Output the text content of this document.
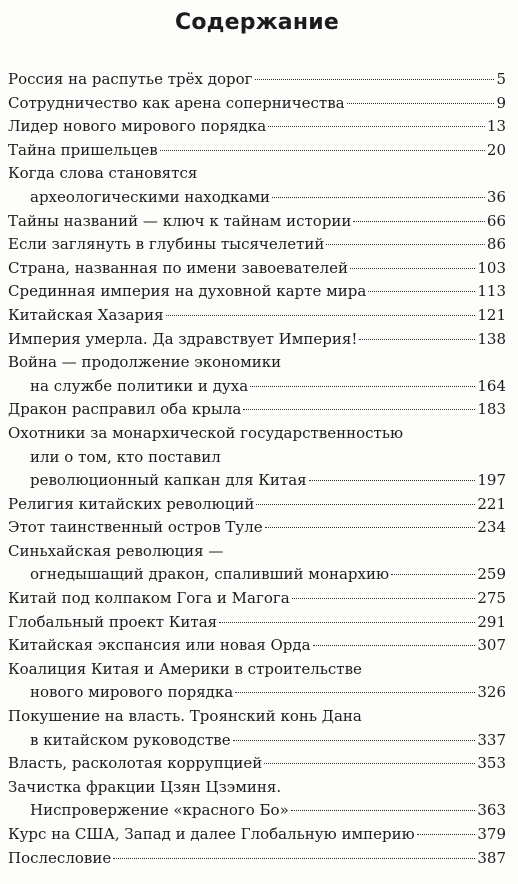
Содержание
Россия на распутье трёх дорог	5
Сотрудничество как арена соперничества	9
Лидер нового мирового порядка	13
Тайна пришельцев	20
Когда слова становятся
археологическими находками	36
Тайны названий — ключ к тайнам истории	66
Если заглянуть в глубины тысячелетий	86
Страна, названная по имени завоевателей	103
Срединная империя на духовной карте мира	113
Китайская Хазария	121
Империя умерла. Да здравствует Империя!	138
Война — продолжение экономики
на службе политики и духа	164
Дракон расправил оба крыла	183
Охотники за монархической государственностью
или о том, кто поставил
революционный капкан для Китая	197
Религия китайских революций	221
Этот таинственный остров Туле	234
Синьхайская революция —
огнедышащий дракон, спаливший монархию	259
Китай под колпаком Гога и Магога	275
Глобальный проект Китая	291
Китайская экспансия или новая Орда	307
Коалиция Китая и Америки в строительстве
нового мирового порядка	326
Покушение на власть. Троянский конь Дана
в китайском руководстве	337
Власть, расколотая коррупцией	353
Зачистка фракции Цзян Цзэминя.
Ниспровержение «красного Бо»	363
Курс на США, Запад и далее Глобальную империю	379
Послесловие	387
